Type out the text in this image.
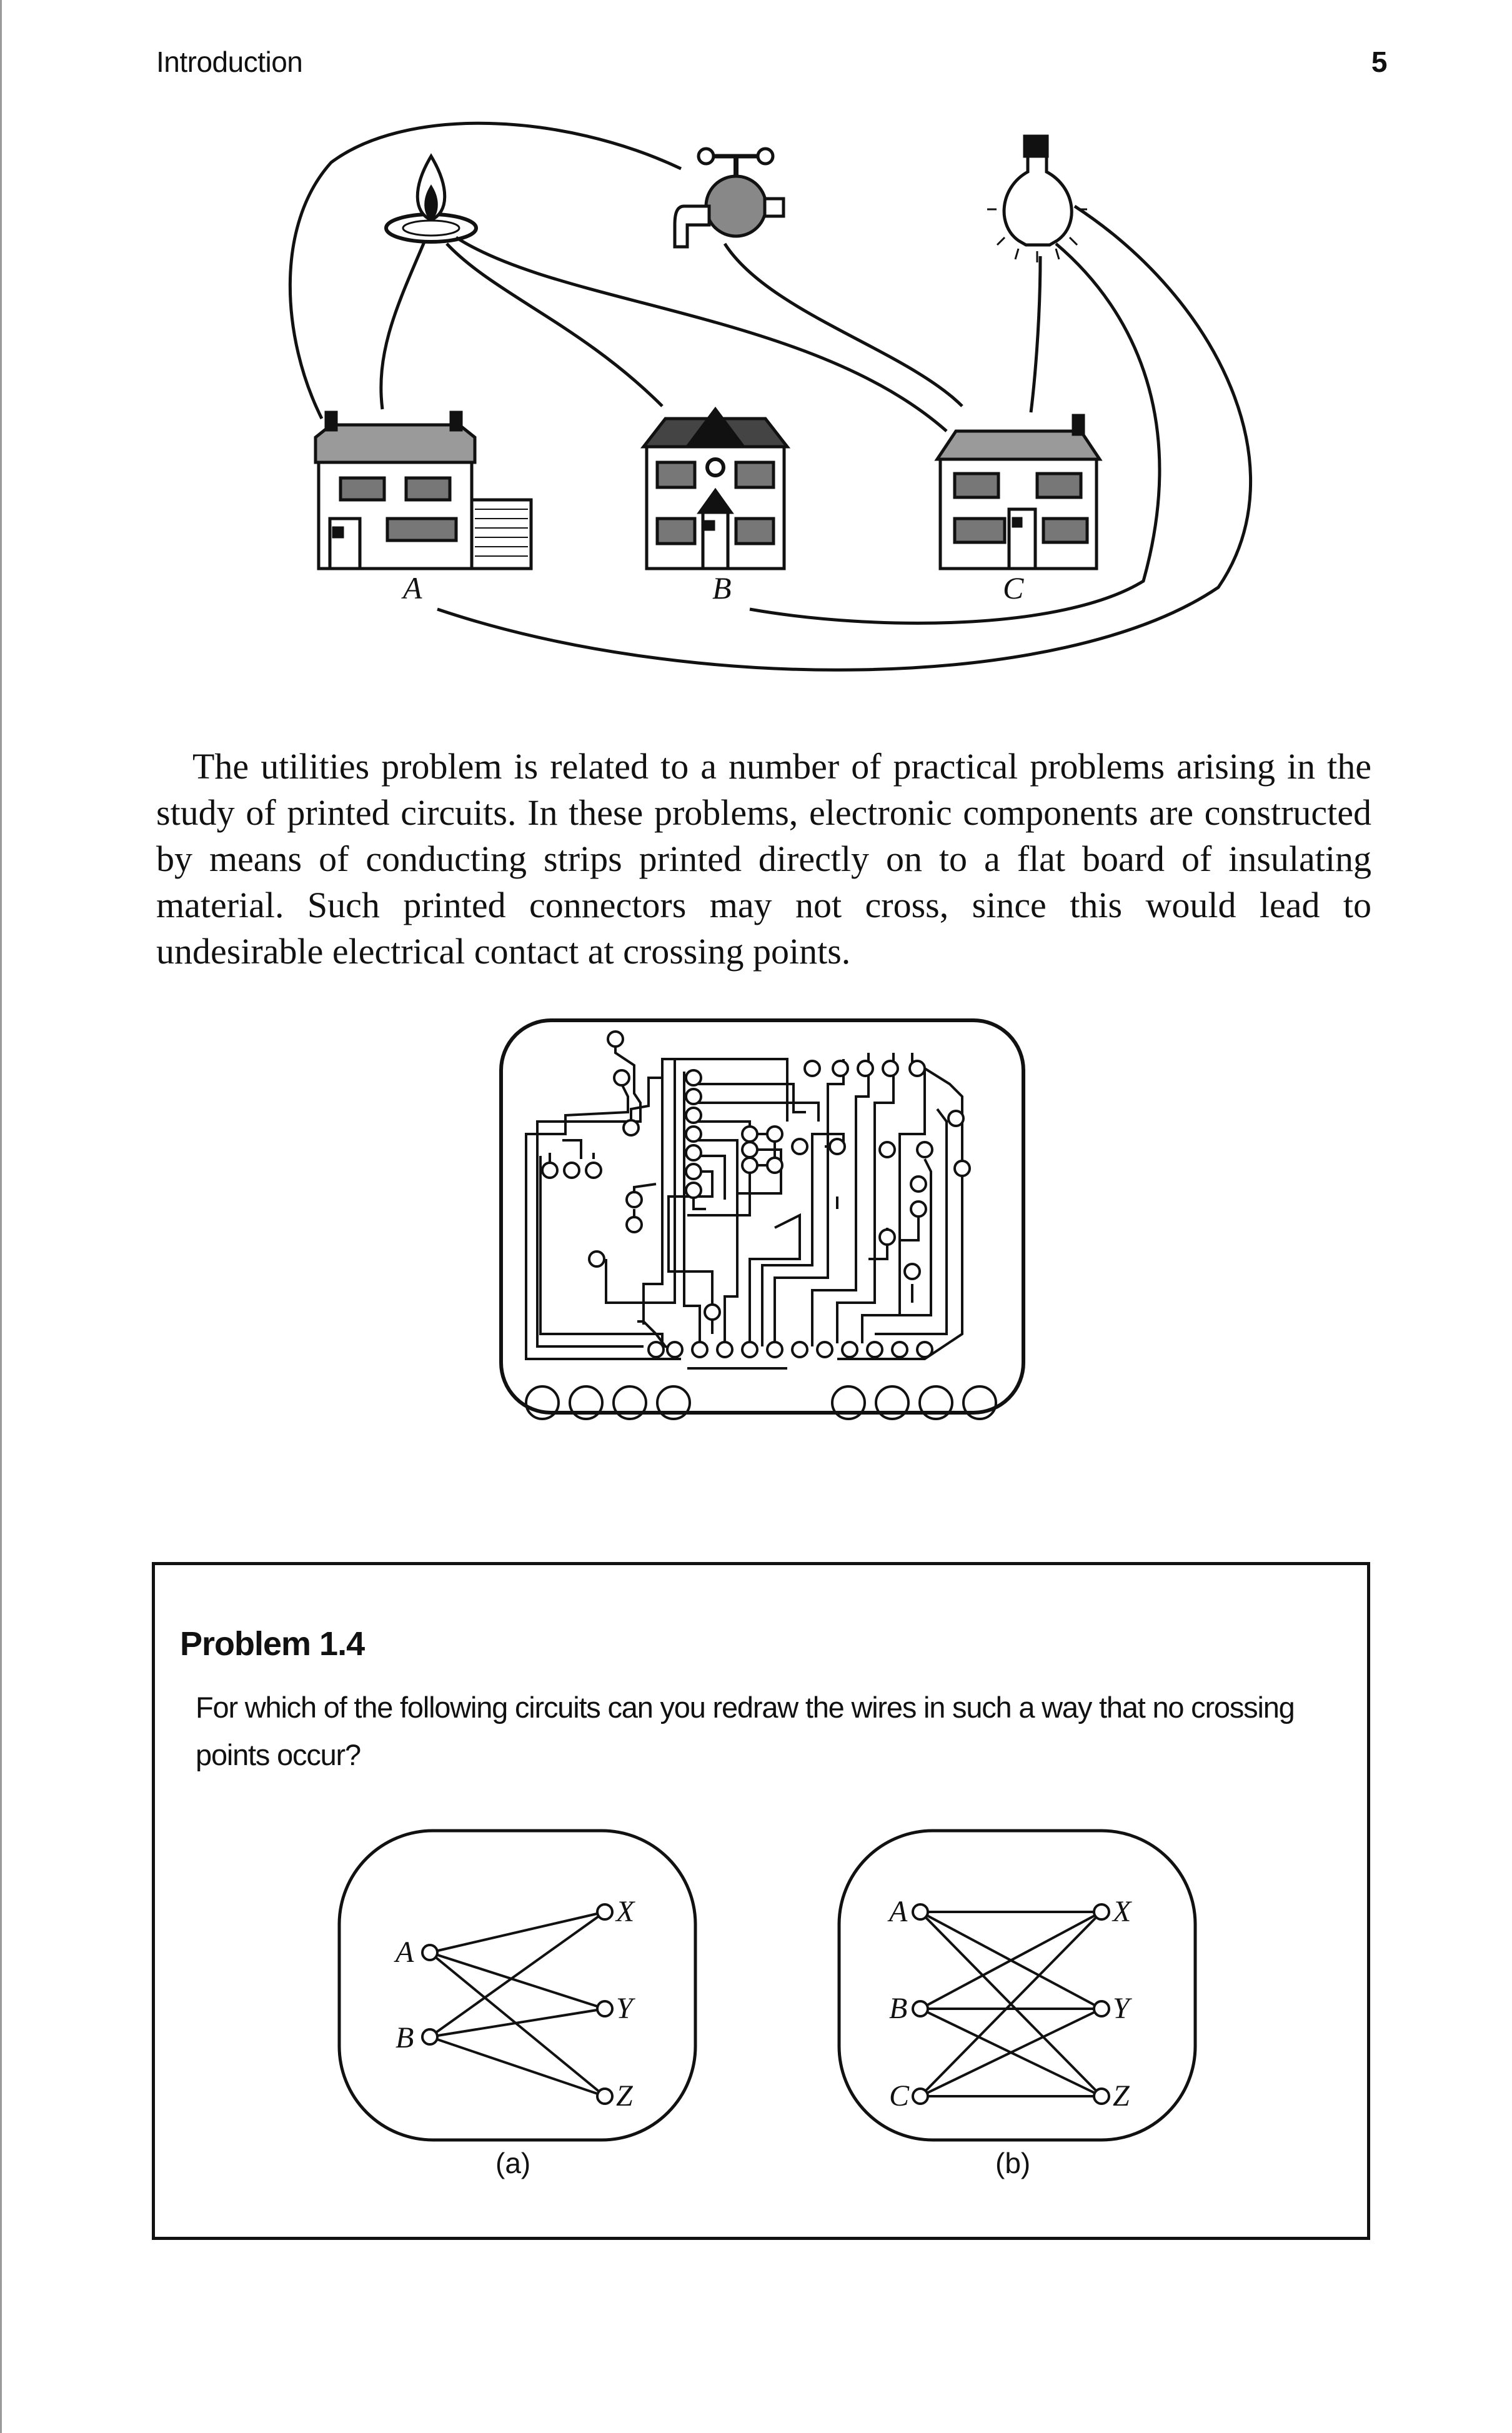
Introduction	5
A	B	C

The utilities problem is related to a number of practical problems arising in the study of printed circuits. In these problems, electronic components are constructed by means of conducting strips printed directly on to a flat board of insulating material. Such printed connectors may not cross, since this would lead to undesirable electrical contact at crossing points.

Problem 1.4

For which of the following circuits can you redraw the wires in such a way that no crossing points occur?

A
B
X
Y
Z
A
B
C
X
Y
Z
(a)	(b)
